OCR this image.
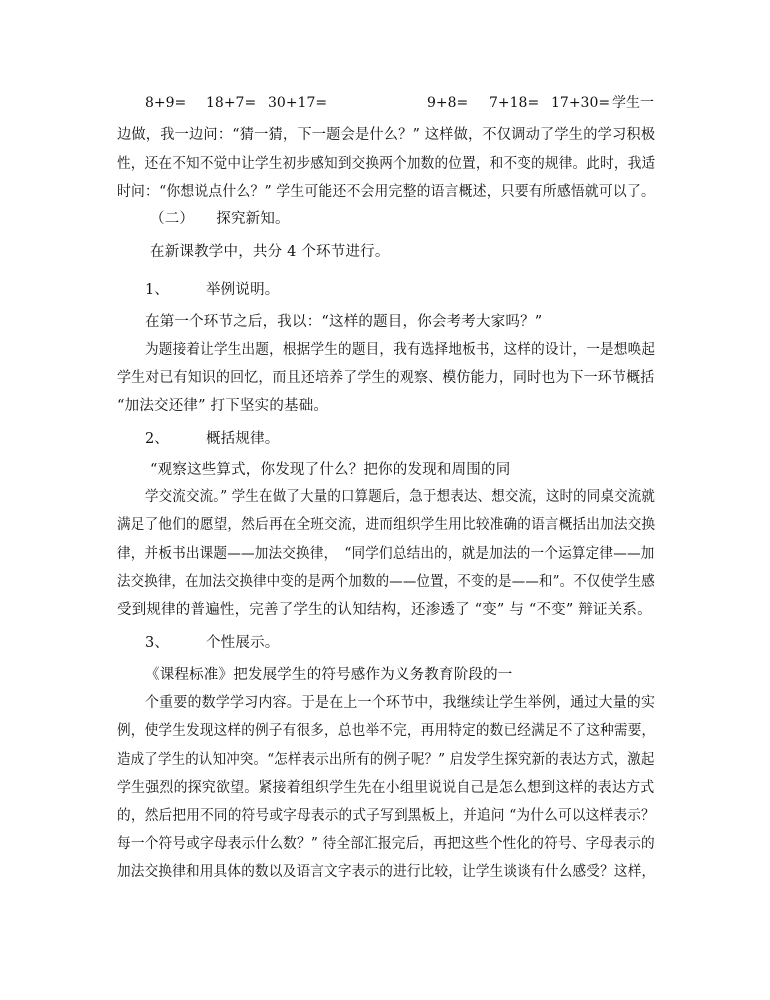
8+9= 18+7= 30+17=	9+8= 7+18= 17+30= 学生一
边做，我一边问：“猜一猜，下一题会是什么？” 这样做，不仅调动了学生的学习积极
性，还在不知不觉中让学生初步感知到交换两个加数的位置，和不变的规律。此时，我适
时问：“你想说点什么？” 学生可能还不会用完整的语言概述，只要有所感悟就可以了。
（二）　　探究新知。
在新课教学中，共分 4 个环节进行。
1、　　　举例说明。
在第一个环节之后，我以：“这样的题目，你会考考大家吗？”
为题接着让学生出题，根据学生的题目，我有选择地板书，这样的设计，一是想唤起
学生对已有知识的回忆，而且还培养了学生的观察、模仿能力，同时也为下一环节概括
“加法交还律” 打下坚实的基础。
2、　　　概括规律。
“观察这些算式，你发现了什么？把你的发现和周围的同
学交流交流。” 学生在做了大量的口算题后，急于想表达、想交流，这时的同桌交流就
满足了他们的愿望，然后再在全班交流，进而组织学生用比较准确的语言概括出加法交换
律，并板书出课题——加法交换律，　“同学们总结出的，就是加法的一个运算定律——加
法交换律，在加法交换律中变的是两个加数的——位置，不变的是——和”。不仅使学生感
受到规律的普遍性，完善了学生的认知结构，还渗透了 “变” 与 “不变” 辩证关系。
3、　　　个性展示。
《课程标准》把发展学生的符号感作为义务教育阶段的一
个重要的数学学习内容。于是在上一个环节中，我继续让学生举例，通过大量的实
例，使学生发现这样的例子有很多，总也举不完，再用特定的数已经满足不了这种需要，
造成了学生的认知冲突。“怎样表示出所有的例子呢？” 启发学生探究新的表达方式，激起
学生强烈的探究欲望。紧接着组织学生先在小组里说说自己是怎么想到这样的表达方式
的，然后把用不同的符号或字母表示的式子写到黑板上，并追问 “为什么可以这样表示？
每一个符号或字母表示什么数？” 待全部汇报完后，再把这些个性化的符号、字母表示的
加法交换律和用具体的数以及语言文字表示的进行比较，让学生谈谈有什么感受？这样，
